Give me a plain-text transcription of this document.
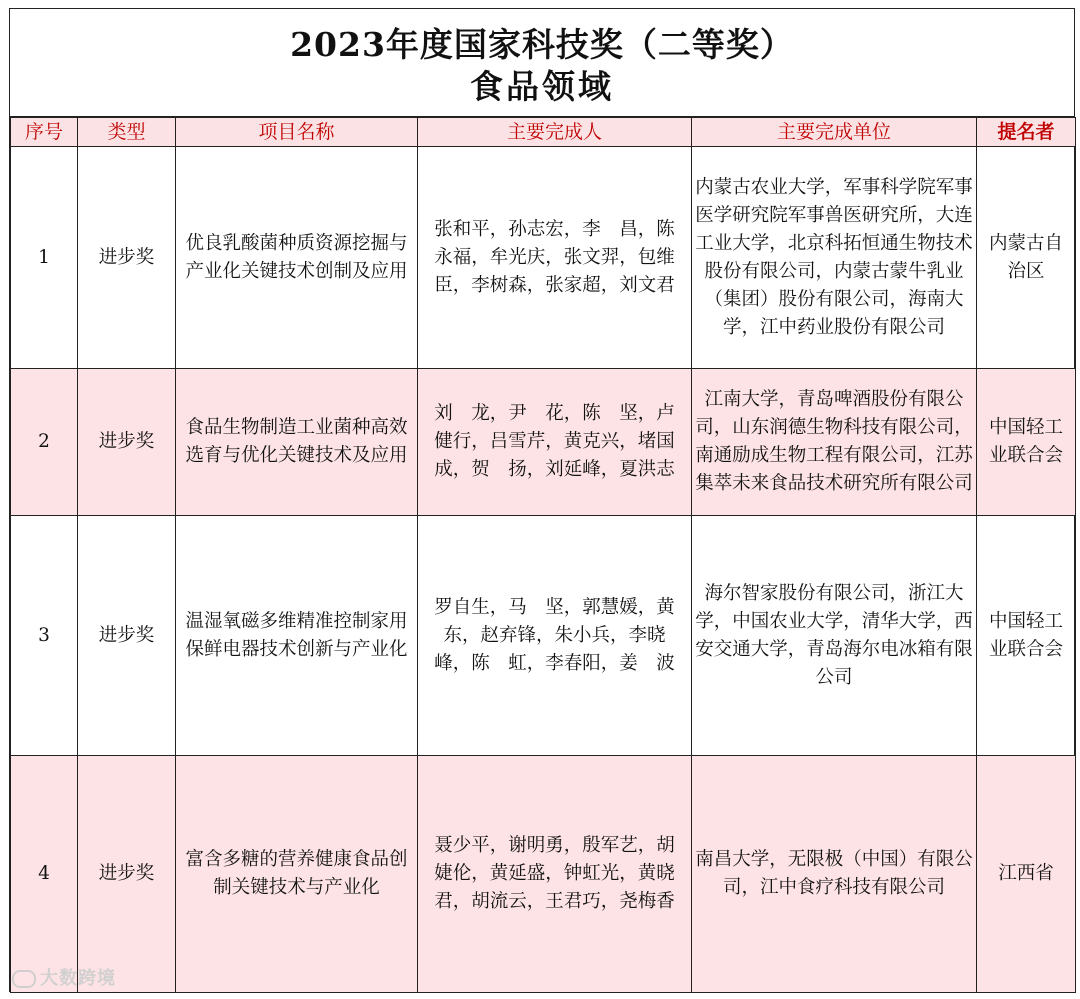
2023年度国家科技奖（二等奖）
食品领域
序号	类型	项目名称	主要完成人	主要完成单位	提名者
1	进步奖	优良乳酸菌种质资源挖掘与产业化关键技术创制及应用	张和平，孙志宏，李　昌，陈永福，牟光庆，张文羿，包维臣，李树森，张家超，刘文君	内蒙古农业大学，军事科学院军事医学研究院军事兽医研究所，大连工业大学，北京科拓恒通生物技术股份有限公司，内蒙古蒙牛乳业（集团）股份有限公司，海南大学，江中药业股份有限公司	内蒙古自治区
2	进步奖	食品生物制造工业菌种高效选育与优化关键技术及应用	刘　龙，尹　花，陈　坚，卢健行，吕雪芹，黄克兴，堵国成，贺　扬，刘延峰，夏洪志	江南大学，青岛啤酒股份有限公司，山东润德生物科技有限公司，南通励成生物工程有限公司，江苏集萃未来食品技术研究所有限公司	中国轻工业联合会
3	进步奖	温湿氧磁多维精准控制家用保鲜电器技术创新与产业化	罗自生，马　坚，郭慧媛，黄　东，赵弃锋，朱小兵，李晓峰，陈　虹，李春阳，姜　波	海尔智家股份有限公司，浙江大学，中国农业大学，清华大学，西安交通大学，青岛海尔电冰箱有限公司	中国轻工业联合会
4	进步奖	富含多糖的营养健康食品创制关键技术与产业化	聂少平，谢明勇，殷军艺，胡婕伦，黄延盛，钟虹光，黄晓君，胡流云，王君巧，尧梅香	南昌大学，无限极（中国）有限公司，江中食疗科技有限公司	江西省
大数跨境
